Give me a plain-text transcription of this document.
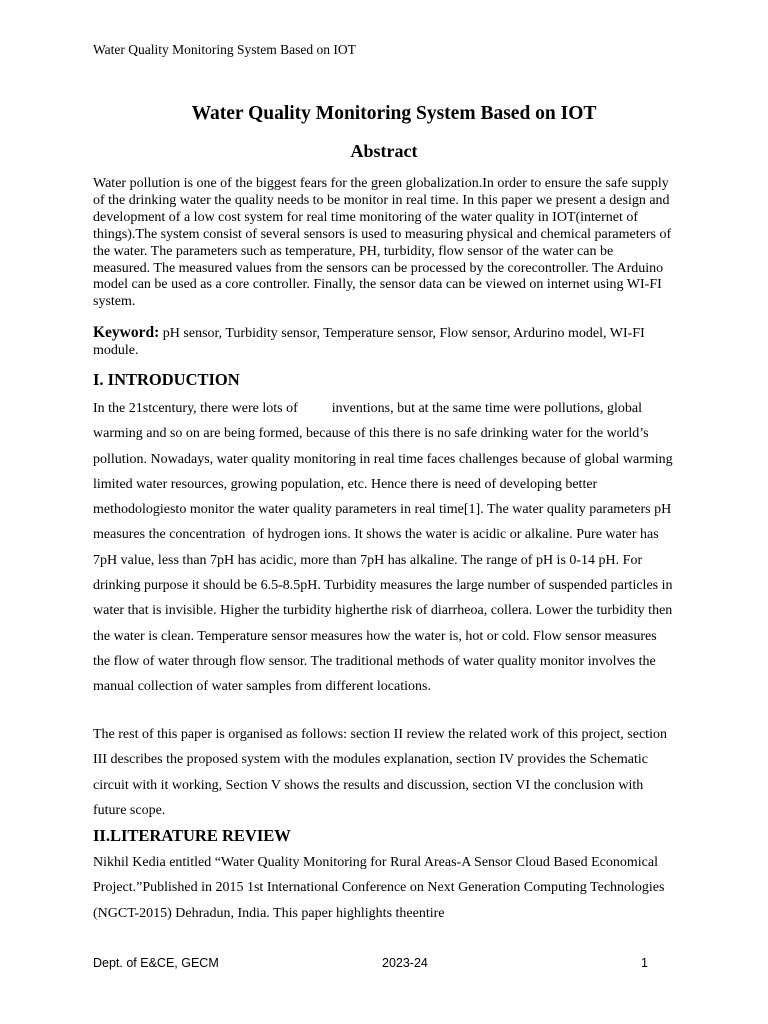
Water Quality Monitoring System Based on IOT
Water Quality Monitoring System Based on IOT
Abstract

Water pollution is one of the biggest fears for the green globalization.In order to ensure the safe supply of the drinking water the quality needs to be monitor in real time. In this paper we present a design and development of a low cost system for real time monitoring of the water quality in IOT(internet of things).The system consist of several sensors is used to measuring physical and chemical parameters of the water. The parameters such as temperature, PH, turbidity, flow sensor of the water can be measured. The measured values from the sensors can be processed by the corecontroller. The Arduino model can be used as a core controller. Finally, the sensor data can be viewed on internet using WI-FI system.

Keyword: pH sensor, Turbidity sensor, Temperature sensor, Flow sensor, Ardurino model, WI-FI module.

I. INTRODUCTION

In the 21stcentury, there were lots of inventions, but at the same time were pollutions, global warming and so on are being formed, because of this there is no safe drinking water for the world’s pollution. Nowadays, water quality monitoring in real time faces challenges because of global warming limited water resources, growing population, etc. Hence there is need of developing better methodologiesto monitor the water quality parameters in real time[1]. The water quality parameters pH measures the concentration  of hydrogen ions. It shows the water is acidic or alkaline. Pure water has 7pH value, less than 7pH has acidic, more than 7pH has alkaline. The range of pH is 0-14 pH. For drinking purpose it should be 6.5-8.5pH. Turbidity measures the large number of suspended particles in water that is invisible. Higher the turbidity higherthe risk of diarrheoa, collera. Lower the turbidity then the water is clean. Temperature sensor measures how the water is, hot or cold. Flow sensor measures the flow of water through flow sensor. The traditional methods of water quality monitor involves the manual collection of water samples from different locations.

The rest of this paper is organised as follows: section II review the related work of this project, section III describes the proposed system with the modules explanation, section IV provides the Schematic circuit with it working, Section V shows the results and discussion, section VI the conclusion with future scope.

II.LITERATURE REVIEW

Nikhil Kedia entitled “Water Quality Monitoring for Rural Areas-A Sensor Cloud Based Economical Project.”Published in 2015 1st International Conference on Next Generation Computing Technologies (NGCT-2015) Dehradun, India. This paper highlights theentire

Dept. of E&CE, GECM	2023-24	1
